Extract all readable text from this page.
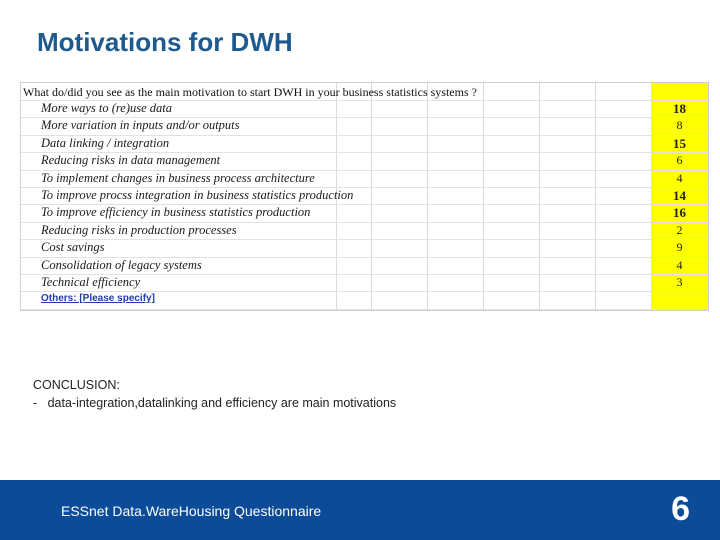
Motivations for DWH
What do/did you see as the main motivation to start DWH in your business statistics systems ?
More ways to (re)use data	18
More variation in inputs and/or outputs	8
Data linking / integration	15
Reducing risks in data management	6
To implement changes in business process architecture	4
To improve procss integration in business statistics production	14
To improve efficiency in business statistics production	16
Reducing risks in production processes	2
Cost savings	9
Consolidation of legacy systems	4
Technical efficiency	3
Others: [Please specify]
CONCLUSION:
-   data-integration,datalinking and efficiency are main motivations
ESSnet Data.WareHousing Questionnaire	6
